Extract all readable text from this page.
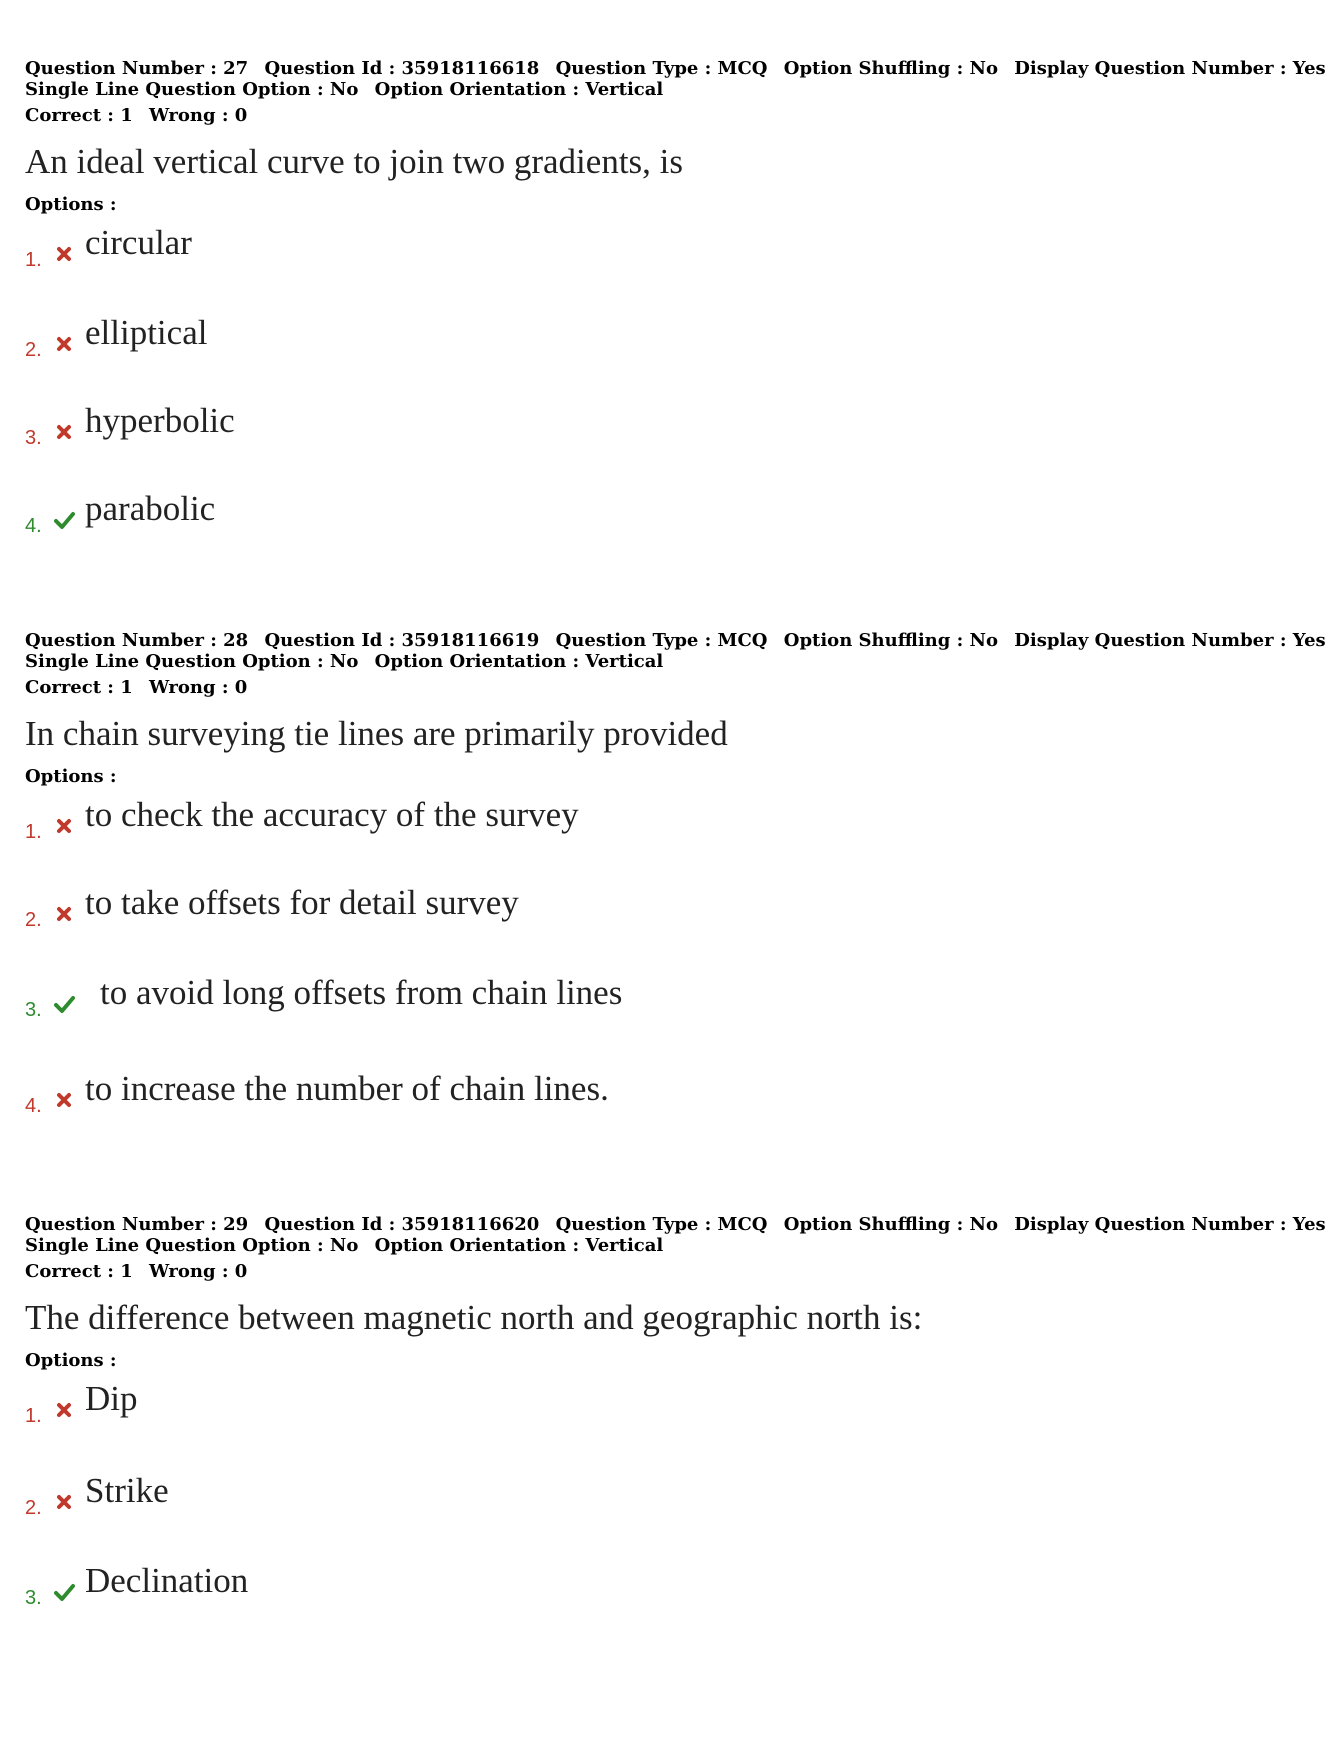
Question Number : 27 Question Id : 35918116618 Question Type : MCQ Option Shuffling : No Display Question Number : Yes
Single Line Question Option : No Option Orientation : Vertical
Correct : 1 Wrong : 0
An ideal vertical curve to join two gradients, is
Options :
1. circular
2. elliptical
3. hyperbolic
4. parabolic
Question Number : 28 Question Id : 35918116619 Question Type : MCQ Option Shuffling : No Display Question Number : Yes
Single Line Question Option : No Option Orientation : Vertical
Correct : 1 Wrong : 0
In chain surveying tie lines are primarily provided
Options :
1. to check the accuracy of the survey
2. to take offsets for detail survey
3. to avoid long offsets from chain lines
4. to increase the number of chain lines.
Question Number : 29 Question Id : 35918116620 Question Type : MCQ Option Shuffling : No Display Question Number : Yes
Single Line Question Option : No Option Orientation : Vertical
Correct : 1 Wrong : 0
The difference between magnetic north and geographic north is:
Options :
1. Dip
2. Strike
3. Declination
